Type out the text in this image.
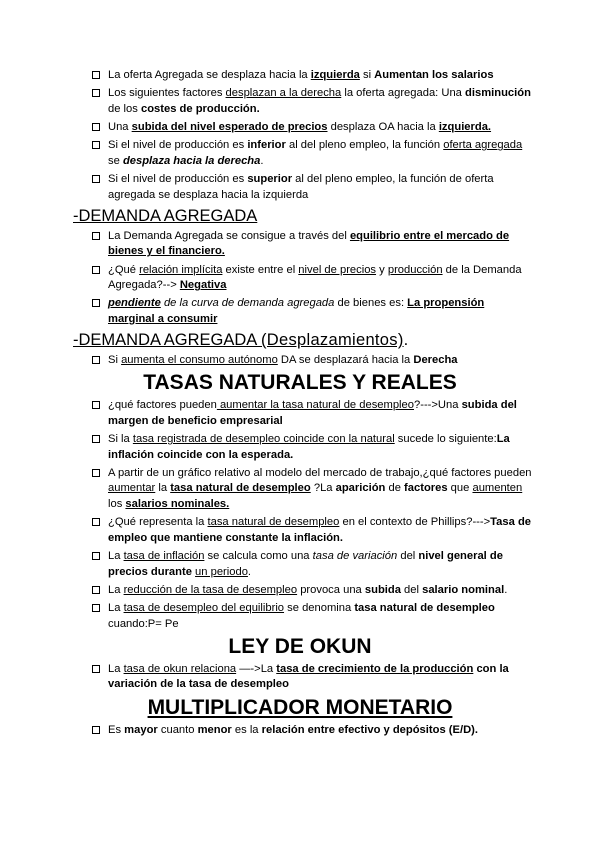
La oferta Agregada se desplaza hacia la izquierda si Aumentan los salarios
Los siguientes factores desplazan a la derecha la oferta agregada: Una disminución de los costes de producción.
Una subida del nivel esperado de precios desplaza OA hacia la izquierda.
Si el nivel de producción es inferior al del pleno empleo, la función oferta agregada se desplaza hacia la derecha.
Si el nivel de producción es superior al del pleno empleo, la función de oferta agregada se desplaza hacia la izquierda
-DEMANDA AGREGADA
La Demanda Agregada se consigue a través del equilibrio entre el mercado de bienes y el financiero.
¿Qué relación implícita existe entre el nivel de precios y producción de la Demanda Agregada?--> Negativa
pendiente de la curva de demanda agregada de bienes es: La propensión marginal a consumir
-DEMANDA AGREGADA (Desplazamientos).
Si aumenta el consumo autónomo DA se desplazará hacia la Derecha
TASAS NATURALES Y REALES
¿qué factores pueden aumentar la tasa natural de desempleo?--->Una subida del margen de beneficio empresarial
Si la tasa registrada de desempleo coincide con la natural sucede lo siguiente:La inflación coincide con la esperada.
A partir de un gráfico relativo al modelo del mercado de trabajo,¿qué factores pueden aumentar la tasa natural de desempleo ?La aparición de factores que aumenten los salarios nominales.
¿Qué representa la tasa natural de desempleo en el contexto de Phillips?--->Tasa de empleo que mantiene constante la inflación.
La tasa de inflación se calcula como una tasa de variación del nivel general de precios durante un periodo.
La reducción de la tasa de desempleo provoca una subida del salario nominal.
La tasa de desempleo del equilibrio se denomina tasa natural de desempleo cuando:P= Pe
LEY DE OKUN
La tasa de okun relaciona —->La tasa de crecimiento de la producción con la variación de la tasa de desempleo
MULTIPLICADOR MONETARIO
Es mayor cuanto menor es la relación entre efectivo y depósitos (E/D).
